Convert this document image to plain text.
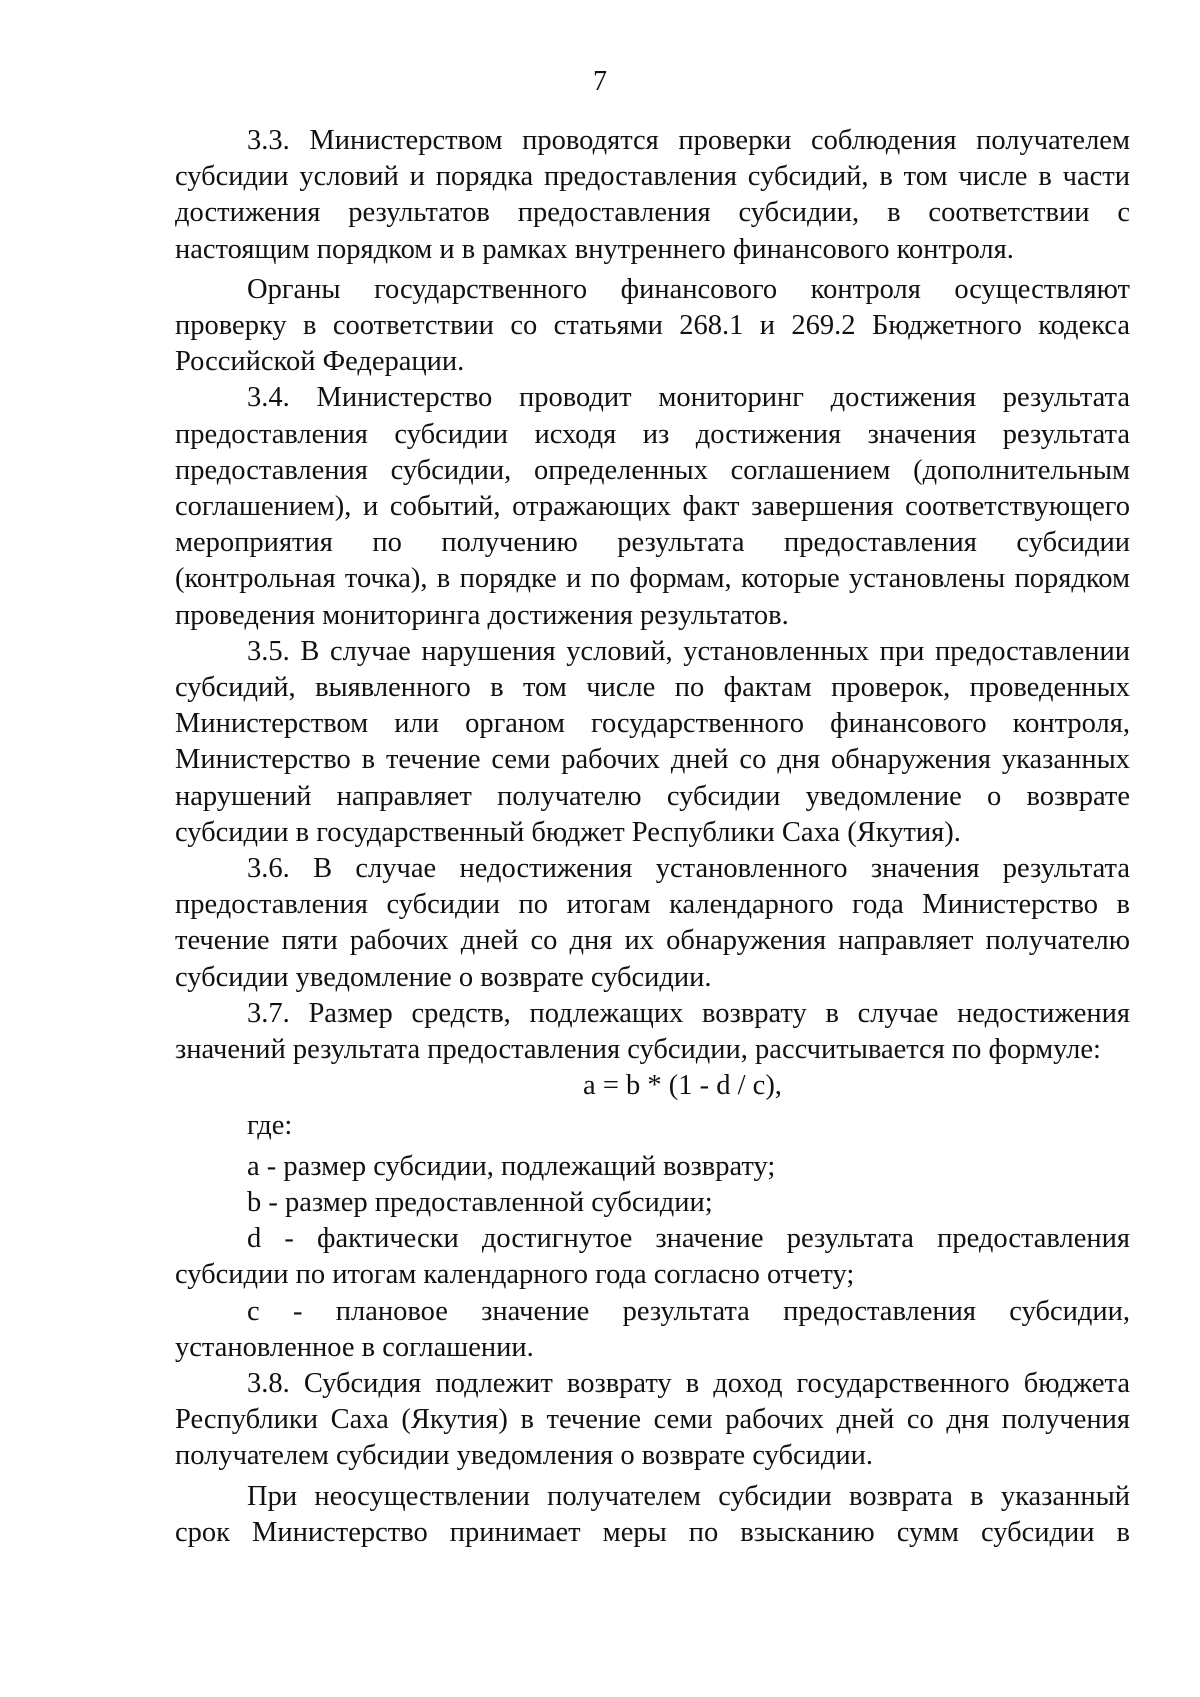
7

3.3. Министерством проводятся проверки соблюдения получателем субсидии условий и порядка предоставления субсидий, в том числе в части достижения результатов предоставления субсидии, в соответствии с настоящим порядком и в рамках внутреннего финансового контроля.

Органы государственного финансового контроля осуществляют проверку в соответствии со статьями 268.1 и 269.2 Бюджетного кодекса Российской Федерации.

3.4. Министерство проводит мониторинг достижения результата предоставления субсидии исходя из достижения значения результата предоставления субсидии, определенных соглашением (дополнительным соглашением), и событий, отражающих факт завершения соответствующего мероприятия по получению результата предоставления субсидии (контрольная точка), в порядке и по формам, которые установлены порядком проведения мониторинга достижения результатов.

3.5. В случае нарушения условий, установленных при предоставлении субсидий, выявленного в том числе по фактам проверок, проведенных Министерством или органом государственного финансового контроля, Министерство в течение семи рабочих дней со дня обнаружения указанных нарушений направляет получателю субсидии уведомление о возврате субсидии в государственный бюджет Республики Саха (Якутия).

3.6. В случае недостижения установленного значения результата предоставления субсидии по итогам календарного года Министерство в течение пяти рабочих дней со дня их обнаружения направляет получателю субсидии уведомление о возврате субсидии.

3.7. Размер средств, подлежащих возврату в случае недостижения значений результата предоставления субсидии, рассчитывается по формуле:

a = b * (1 - d / c),

где:

a - размер субсидии, подлежащий возврату;

b - размер предоставленной субсидии;

d - фактически достигнутое значение результата предоставления субсидии по итогам календарного года согласно отчету;

c - плановое значение результата предоставления субсидии, установленное в соглашении.

3.8. Субсидия подлежит возврату в доход государственного бюджета Республики Саха (Якутия) в течение семи рабочих дней со дня получения получателем субсидии уведомления о возврате субсидии.

При неосуществлении получателем субсидии возврата в указанный срок Министерство принимает меры по взысканию сумм субсидии в
